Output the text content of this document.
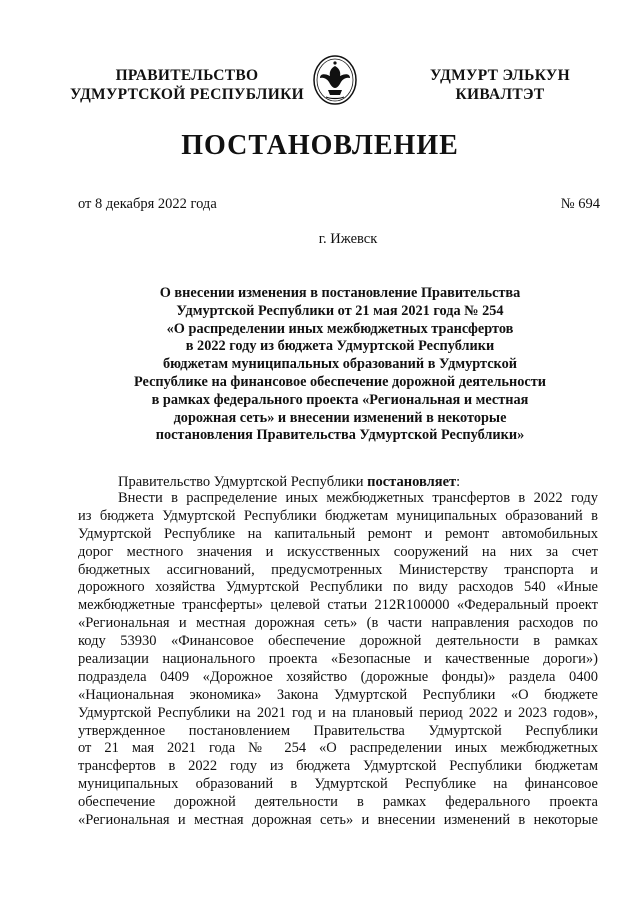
ПРАВИТЕЛЬСТВО
УДМУРТСКОЙ РЕСПУБЛИКИ
УДМУРТ ЭЛЬКУН
КИВАЛТЭТ
ПОСТАНОВЛЕНИЕ
от 8 декабря 2022 года	№ 694
г. Ижевск
О внесении изменения в постановление Правительства
Удмуртской Республики от 21 мая 2021 года № 254
«О распределении иных межбюджетных трансфертов
в 2022 году из бюджета Удмуртской Республики
бюджетам муниципальных образований в Удмуртской
Республике на финансовое обеспечение дорожной деятельности
в рамках федерального проекта «Региональная и местная
дорожная сеть» и внесении изменений в некоторые
постановления Правительства Удмуртской Республики»
Правительство Удмуртской Республики постановляет:
Внести в распределение иных межбюджетных трансфертов в 2022 году
из бюджета Удмуртской Республики бюджетам муниципальных образований в
Удмуртской Республике на капитальный ремонт и ремонт автомобильных
дорог местного значения и искусственных сооружений на них за счет
бюджетных ассигнований, предусмотренных Министерству транспорта и
дорожного хозяйства Удмуртской Республики по виду расходов 540 «Иные
межбюджетные трансферты» целевой статьи 212R100000 «Федеральный проект
«Региональная и местная дорожная сеть» (в части направления расходов по
коду 53930 «Финансовое обеспечение дорожной деятельности в рамках
реализации национального проекта «Безопасные и качественные дороги»)
подраздела 0409 «Дорожное хозяйство (дорожные фонды)» раздела 0400
«Национальная экономика» Закона Удмуртской Республики «О бюджете
Удмуртской Республики на 2021 год и на плановый период 2022 и 2023 годов»,
утвержденное постановлением Правительства Удмуртской Республики
от 21 мая 2021 года № 254 «О распределении иных межбюджетных
трансфертов в 2022 году из бюджета Удмуртской Республики бюджетам
муниципальных образований в Удмуртской Республике на финансовое
обеспечение дорожной деятельности в рамках федерального проекта
«Региональная и местная дорожная сеть» и внесении изменений в некоторые
